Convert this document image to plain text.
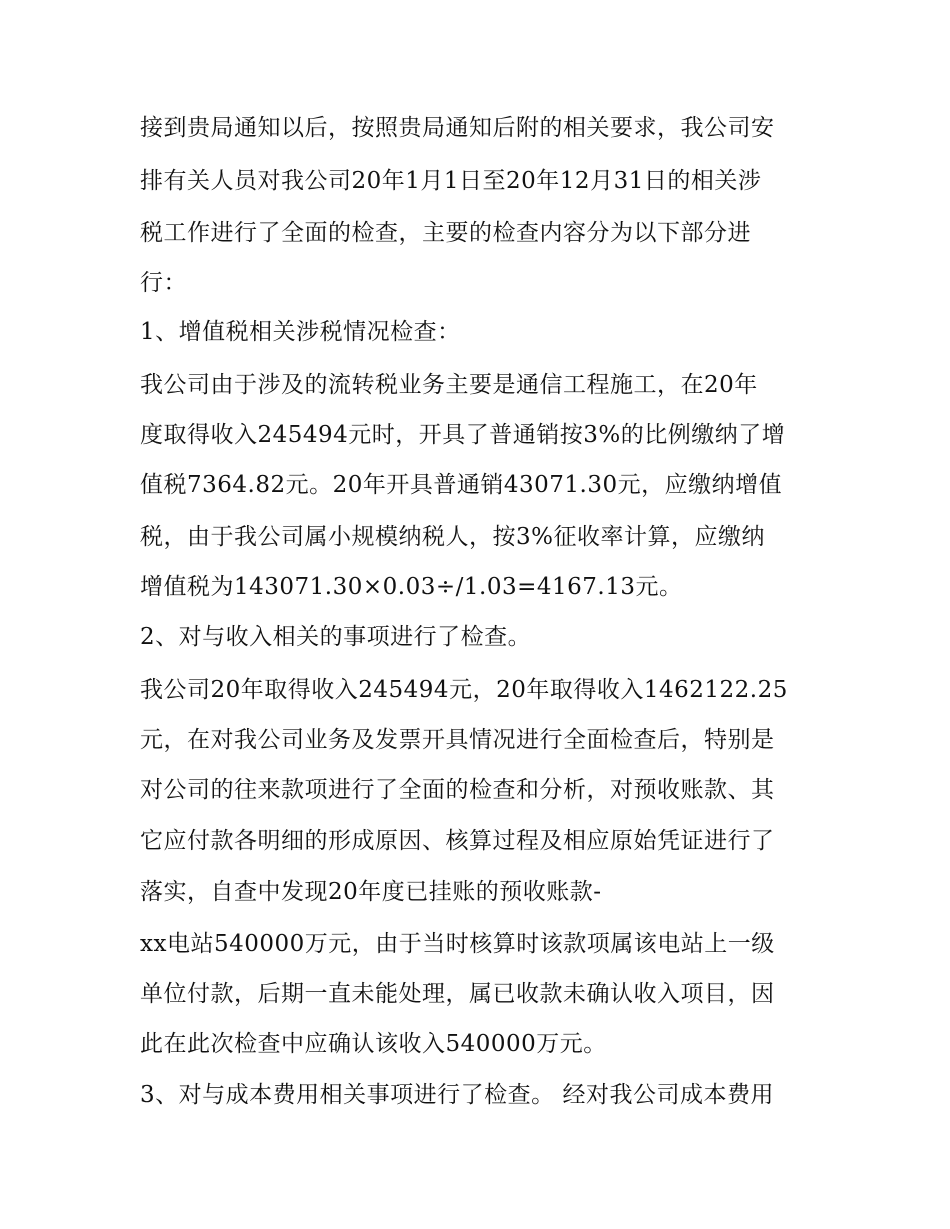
接到贵局通知以后，按照贵局通知后附的相关要求，我公司安
排有关人员对我公司20年1月1日至20年12月31日的相关涉
税工作进行了全面的检查，主要的检查内容分为以下部分进
行：
1、增值税相关涉税情况检查：
我公司由于涉及的流转税业务主要是通信工程施工，在20年
度取得收入245494元时，开具了普通销按3%的比例缴纳了增
值税7364.82元。20年开具普通销43071.30元，应缴纳增值
税，由于我公司属小规模纳税人，按3%征收率计算，应缴纳
增值税为143071.30×0.03÷/1.03=4167.13元。
2、对与收入相关的事项进行了检查。
我公司20年取得收入245494元，20年取得收入1462122.25
元，在对我公司业务及发票开具情况进行全面检查后，特别是
对公司的往来款项进行了全面的检查和分析，对预收账款、其
它应付款各明细的形成原因、核算过程及相应原始凭证进行了
落实，自查中发现20年度已挂账的预收账款-
xx电站540000万元，由于当时核算时该款项属该电站上一级
单位付款，后期一直未能处理，属已收款未确认收入项目，因
此在此次检查中应确认该收入540000万元。
3、对与成本费用相关事项进行了检查。 经对我公司成本费用
